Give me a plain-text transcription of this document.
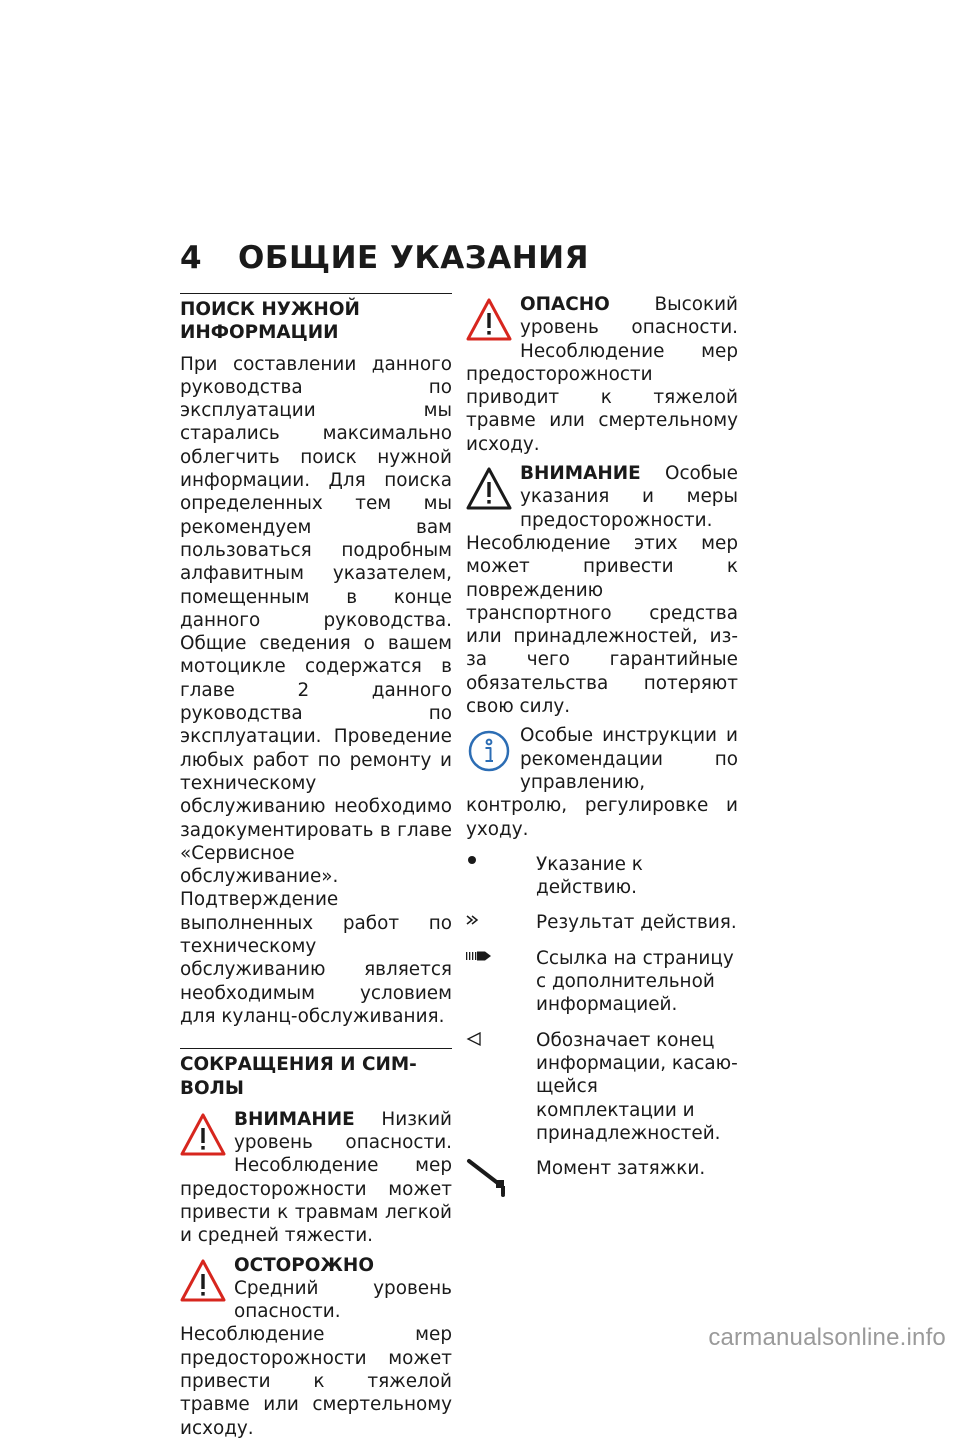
4 ОБЩИЕ УКАЗАНИЯ
ПОИСК НУЖНОЙ ИНФОРМАЦИИ
При составлении данного руководства по эксплуатации мы старались максимально облегчить поиск нужной информации. Для поиска определенных тем мы рекомендуем вам пользоваться подробным алфавитным указателем, помещенным в конце данного руководства. Общие сведения о вашем мотоцикле содержатся в главе 2 данного руководства по эксплуатации. Проведение любых работ по ремонту и техническому обслуживанию необходимо задокументировать в главе «Сервисное обслуживание». Подтверждение выполненных работ по техническому обслуживанию является необходимым условием для куланц-обслуживания.
СОКРАЩЕНИЯ И СИМВОЛЫ
ВНИМАНИЕ Низкий уровень опасности. Несоблюдение мер предосторожности может привести к травмам легкой и средней тяжести.
ОСТОРОЖНО Средний уровень опасности. Несоблюдение мер предосторожности может привести к тяжелой травме или смертельному исходу.
ОПАСНО Высокий уровень опасности. Несоблюдение мер предосторожности приводит к тяжелой травме или смертельному исходу.
ВНИМАНИЕ Особые указания и меры предосторожности. Несоблюдение этих мер может привести к повреждению транспортного средства или принадлежностей, из-за чего гарантийные обязательства потеряют свою силу.
Особые инструкции и рекомендации по управлению, контролю, регулировке и уходу.
Указание к действию.
Результат действия.
Ссылка на страницу с дополнительной информацией.
Обозначает конец информации, касающейся комплектации и принадлежностей.
Момент затяжки.
carmanualsonline.info
